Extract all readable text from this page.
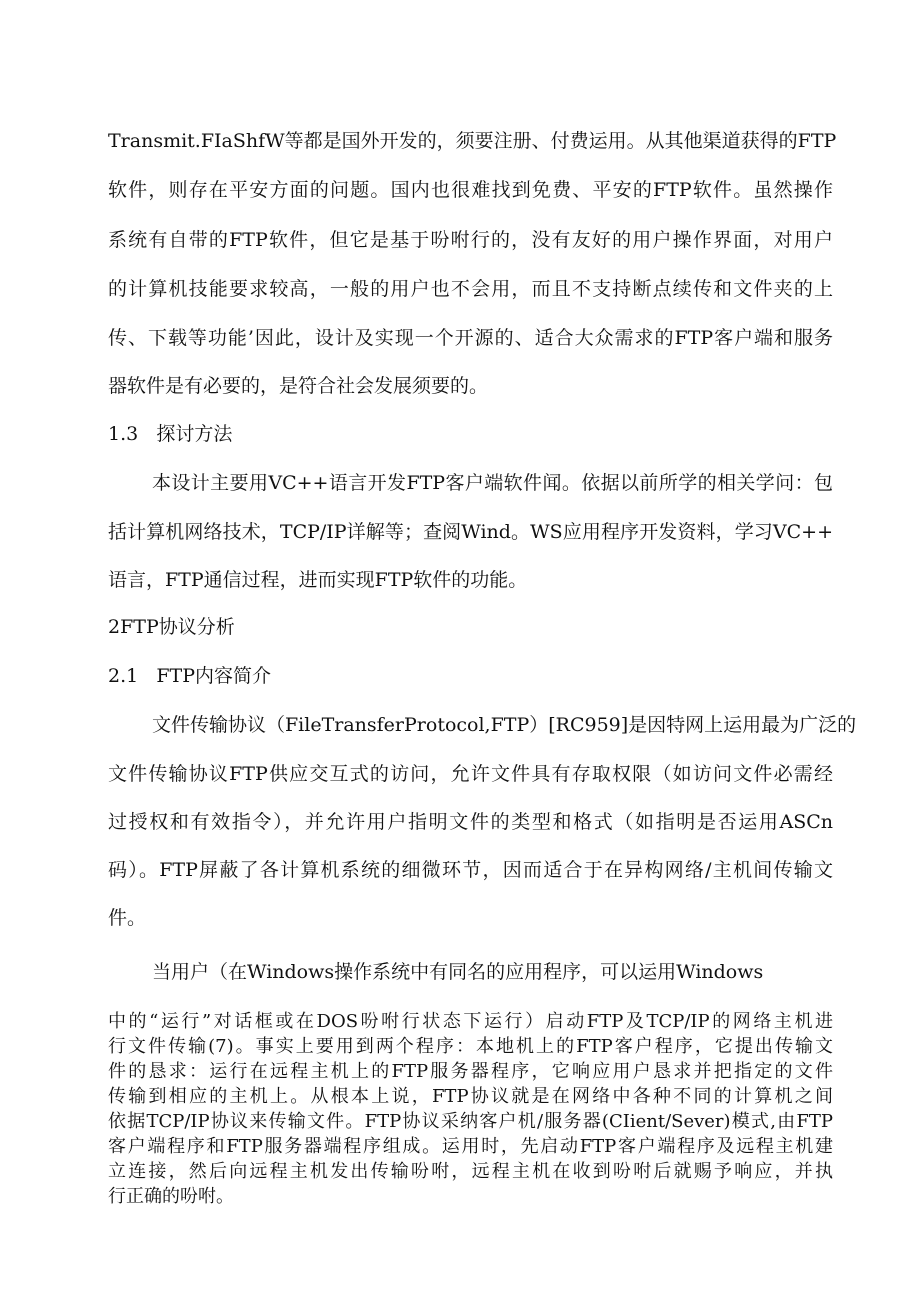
Transmit.FIaShfW等都是国外开发的，须要注册、付费运用。从其他渠道获得的FTP
软件，则存在平安方面的问题。国内也很难找到免费、平安的FTP软件。虽然操作
系统有自带的FTP软件，但它是基于吩咐行的，没有友好的用户操作界面，对用户
的计算机技能要求较高，一般的用户也不会用，而且不支持断点续传和文件夹的上
传、下载等功能’因此，设计及实现一个开源的、适合大众需求的FTP客户端和服务
器软件是有必要的，是符合社会发展须要的。
1.3   探讨方法
本设计主要用VC++语言开发FTP客户端软件闻。依据以前所学的相关学问：包
括计算机网络技术，TCP/IP详解等；查阅Wind。WS应用程序开发资料，学习VC++
语言，FTP通信过程，进而实现FTP软件的功能。
2FTP协议分析
2.1   FTP内容简介
文件传输协议（FileTransferProtocol,FTP）[RC959]是因特网上运用最为广泛的
文件传输协议FTP供应交互式的访问，允许文件具有存取权限（如访问文件必需经
过授权和有效指令），并允许用户指明文件的类型和格式（如指明是否运用ASCn
码）。FTP屏蔽了各计算机系统的细微环节，因而适合于在异构网络/主机间传输文
件。
当用户（在Windows操作系统中有同名的应用程序，可以运用Windows
中的“运行”对话框或在DOS吩咐行状态下运行）启动FTP及TCP/IP的网络主机进
行文件传输(7)。事实上要用到两个程序：本地机上的FTP客户程序，它提出传输文
件的恳求：运行在远程主机上的FTP服务器程序，它响应用户恳求并把指定的文件
传输到相应的主机上。从根本上说，FTP协议就是在网络中各种不同的计算机之间
依据TCP/IP协议来传输文件。FTP协议采纳客户机/服务器(CIient/Sever)模式,由FTP
客户端程序和FTP服务器端程序组成。运用时，先启动FTP客户端程序及远程主机建
立连接，然后向远程主机发出传输吩咐，远程主机在收到吩咐后就赐予响应，并执
行正确的吩咐。
